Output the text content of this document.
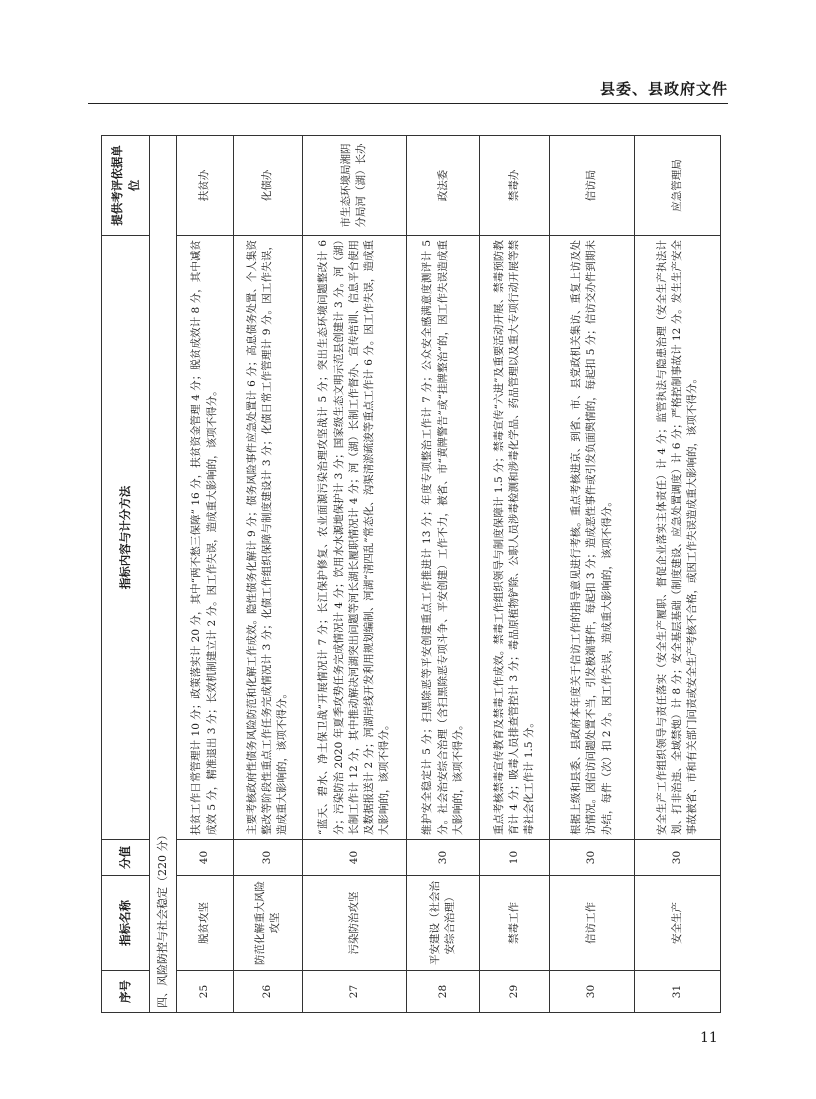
县委、县政府文件
序号	指标名称	分值	指标内容与计分方法	提供考评依据单位
四、风险防控与社会稳定（220 分）				
25	脱贫攻坚	40	扶贫工作日常管理计 10 分；政策落实计 20 分，其中“两不愁三保障” 16 分，扶贫资金管理 4 分；脱贫成效计 8 分，其中减贫成效 5 分，精准退出 3 分；长效机制建立计 2 分。因工作失误，造成重大影响的，该项不得分。	扶贫办
26	防范化解重大风险攻坚	30	主要考核政府性债务风险防范和化解工作成效。隐性债务化解计 9 分；债务风险事件应急处置计 6 分；高息债务处置、个人集资整改等阶段性重点工作任务完成情况计 3 分；化债工作组织保障与制度建设计 3 分；化债日常工作管理计 9 分。因工作失误，造成重大影响的，该项不得分。	化债办
27	污染防治攻坚	40	“蓝天、碧水、净土保卫战”开展情况计 7 分；长江保护修复、农业面源污染治理攻坚战计 5 分；突出生态环境问题整改计 6 分；污染防治 2020 年夏季攻势任务完成情况计 4 分；饮用水水源地保护计 3 分；国家级生态文明示范县创建计 3 分。河（湖）长制工作计 12 分，其中推动解决河湖突出问题等河长湖长履职情况计 4 分；河（湖）长制工作督办、宣传培训、信息平台使用及数据报送计 2 分；河湖岸线开发利用规划编制、河湖“清四乱”常态化、沟渠清淤疏浚等重点工作计 6 分。因工作失误，造成重大影响的，该项不得分。	市生态环境局湘阴分局河（湖）长办
28	平安建设（社会治安综合治理）	30	维护安全稳定计 5 分；扫黑除恶等平安创建重点工作推进计 13 分；年度专项整治工作计 7 分；公众安全感满意度测评计 5 分。社会治安综合治理（含扫黑除恶专项斗争、平安创建）工作不力，被省、市“黄牌警告”或“挂牌整治”的，因工作失误造成重大影响的，该项不得分。	政法委
29	禁毒工作	10	重点考核禁毒宣传教育及禁毒工作成效。禁毒工作组织领导与制度保障计 1.5 分；禁毒宣传“六进”及重要活动开展、禁毒预防教育计 4 分；吸毒人员排查管控计 3 分；毒品原植物铲除、公职人员涉毒检测和涉毒化学品、药品管理以及重大专项行动开展等禁毒社会化工作计 1.5 分。	禁毒办
30	信访工作	30	根据上级和县委、县政府本年度关于信访工作的指导意见进行考核。重点考核进京、到省、市、县党政机关集访、重复上访及处访情况。因信访问题处置不当，引发极端事件，每起扣 3 分；造成恶性事件或引发负面舆情的，每起扣 5 分；信访交办件到期未办结，每件（次）扣 2 分。因工作失误，造成重大影响的，该项不得分。	信访局
31	安全生产	30	安全生产工作组织领导与责任落实（安全生产履职、督促企业落实主体责任）计 4 分；监管执法与隐患治理（安全生产执法计划、打非治违、全域禁炮）计 8 分；安全基层基础（制度建设、应急处置调度）计 6 分；严格控制事故计 12 分。发生生产安全事故被省、市和有关部门问责或安全生产考核不合格，或因工作失误造成重大影响的，该项不得分。	应急管理局
11
